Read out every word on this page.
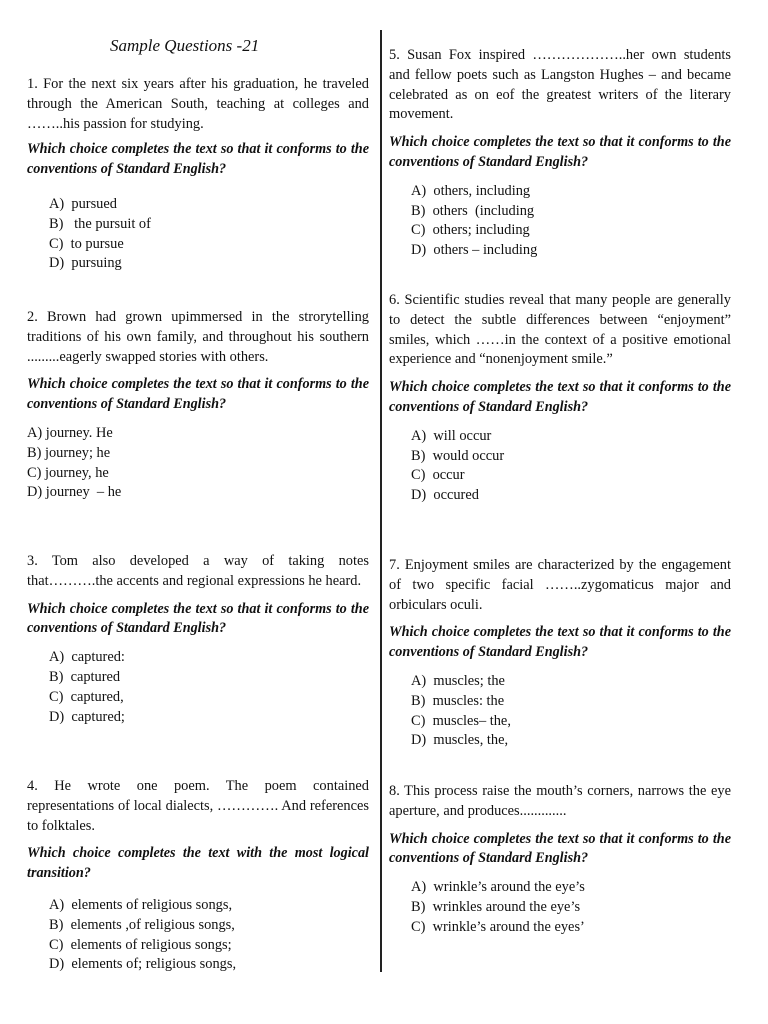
Sample Questions -21

1. For the next six years after his graduation, he traveled through the American South, teaching at colleges and ……..his passion for studying.

Which choice completes the text so that it conforms to the conventions of Standard English?

A)  pursued
B)   the pursuit of
C)  to pursue
D)  pursuing

2. Brown had grown upimmersed in the strorytelling traditions of his own family, and throughout his southern .........eagerly swapped stories with others.

Which choice completes the text so that it conforms to the conventions of Standard English?

A) journey. He
B) journey; he
C) journey, he
D) journey  – he

3. Tom also developed a way of taking notes that……….the accents and regional expressions he heard.

Which choice completes the text so that it conforms to the conventions of Standard English?

A)  captured:
B)  captured
C)  captured,
D)  captured;

4. He wrote one poem. The poem contained representations of local dialects, …………. And references to folktales.

Which choice completes the text with the most logical transition?

A)  elements of religious songs,
B)  elements ,of religious songs,
C)  elements of religious songs;
D)  elements of; religious songs,

5. Susan Fox inspired ………………..her own students and fellow poets such as Langston Hughes – and became celebrated as on eof the greatest writers of the literary movement.

Which choice completes the text so that it conforms to the conventions of Standard English?

A)  others, including
B)  others  (including
C)  others; including
D)  others – including

6. Scientific studies reveal that many people are generally to detect the subtle differences between “enjoyment” smiles, which ……in the context of a positive emotional experience and “nonenjoyment smile.”

Which choice completes the text so that it conforms to the conventions of Standard English?

A)  will occur
B)  would occur
C)  occur
D)  occured

7. Enjoyment smiles are characterized by the engagement of two specific facial ……..zygomaticus major and orbiculars oculi.

Which choice completes the text so that it conforms to the conventions of Standard English?

A)  muscles; the
B)  muscles: the
C)  muscles– the,
D)  muscles, the,

8. This process raise the mouth’s corners, narrows the eye aperture, and produces.............

Which choice completes the text so that it conforms to the conventions of Standard English?

A)  wrinkle’s around the eye’s
B)  wrinkles around the eye’s
C)  wrinkle’s around the eyes’
